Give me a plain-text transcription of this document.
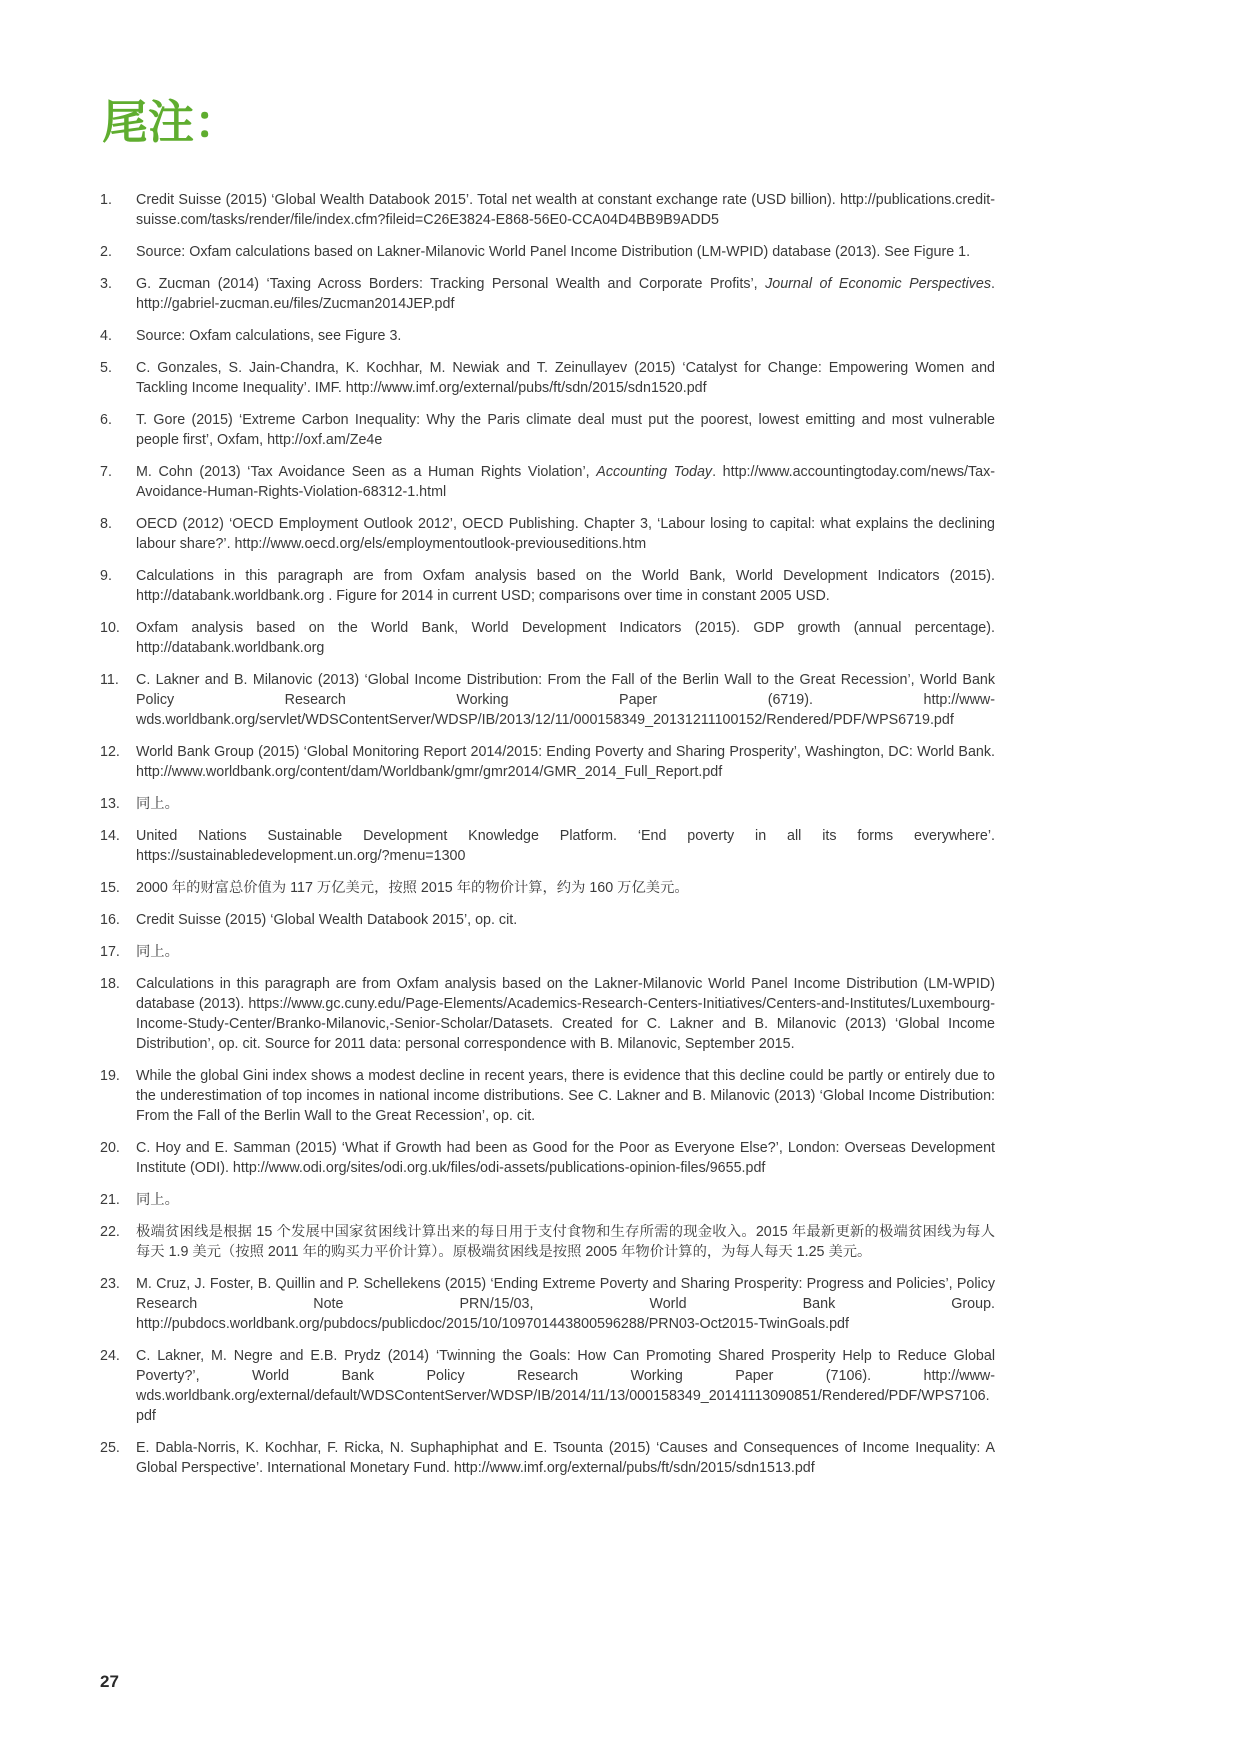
尾注：
1.	Credit Suisse (2015) ‘Global Wealth Databook 2015’. Total net wealth at constant exchange rate (USD billion). http://publications.credit-suisse.com/tasks/render/file/index.cfm?fileid=C26E3824-E868-56E0-CCA04D4BB9B9ADD5
2.	Source: Oxfam calculations based on Lakner-Milanovic World Panel Income Distribution (LM-WPID) database (2013). See Figure 1.
3.	G. Zucman (2014) ‘Taxing Across Borders: Tracking Personal Wealth and Corporate Profits’, Journal of Economic Perspectives. http://gabriel-zucman.eu/files/Zucman2014JEP.pdf
4.	Source: Oxfam calculations, see Figure 3.
5.	C. Gonzales, S. Jain-Chandra, K. Kochhar, M. Newiak and T. Zeinullayev (2015) ‘Catalyst for Change: Empowering Women and Tackling Income Inequality’. IMF. http://www.imf.org/external/pubs/ft/sdn/2015/sdn1520.pdf
6.	T. Gore (2015) ‘Extreme Carbon Inequality: Why the Paris climate deal must put the poorest, lowest emitting and most vulnerable people first’, Oxfam, http://oxf.am/Ze4e
7.	M. Cohn (2013) ‘Tax Avoidance Seen as a Human Rights Violation’, Accounting Today. http://www.accountingtoday.com/news/Tax-Avoidance-Human-Rights-Violation-68312-1.html
8.	OECD (2012) ‘OECD Employment Outlook 2012’, OECD Publishing. Chapter 3, ‘Labour losing to capital: what explains the declining labour share?’. http://www.oecd.org/els/employmentoutlook-previouseditions.htm
9.	Calculations in this paragraph are from Oxfam analysis based on the World Bank, World Development Indicators (2015). http://databank.worldbank.org . Figure for 2014 in current USD; comparisons over time in constant 2005 USD.
10.	Oxfam analysis based on the World Bank, World Development Indicators (2015). GDP growth (annual percentage). http://databank.worldbank.org
11.	C. Lakner and B. Milanovic (2013) ‘Global Income Distribution: From the Fall of the Berlin Wall to the Great Recession’, World Bank Policy Research Working Paper (6719). http://www-wds.worldbank.org/servlet/WDSContentServer/WDSP/IB/2013/12/11/000158349_20131211100152/Rendered/PDF/WPS6719.pdf
12.	World Bank Group (2015) ‘Global Monitoring Report 2014/2015: Ending Poverty and Sharing Prosperity’, Washington, DC: World Bank. http://www.worldbank.org/content/dam/Worldbank/gmr/gmr2014/GMR_2014_Full_Report.pdf
13.	同上。
14.	United Nations Sustainable Development Knowledge Platform. ‘End poverty in all its forms everywhere’. https://sustainabledevelopment.un.org/?menu=1300
15.	2000 年的财富总价值为 117 万亿美元，按照 2015 年的物价计算，约为 160 万亿美元。
16.	Credit Suisse (2015) ‘Global Wealth Databook 2015’, op. cit.
17.	同上。
18.	Calculations in this paragraph are from Oxfam analysis based on the Lakner-Milanovic World Panel Income Distribution (LM-WPID) database (2013). https://www.gc.cuny.edu/Page-Elements/Academics-Research-Centers-Initiatives/Centers-and-Institutes/Luxembourg-Income-Study-Center/Branko-Milanovic,-Senior-Scholar/Datasets. Created for C. Lakner and B. Milanovic (2013) ‘Global Income Distribution’, op. cit. Source for 2011 data: personal correspondence with B. Milanovic, September 2015.
19.	While the global Gini index shows a modest decline in recent years, there is evidence that this decline could be partly or entirely due to the underestimation of top incomes in national income distributions. See C. Lakner and B. Milanovic (2013) ‘Global Income Distribution: From the Fall of the Berlin Wall to the Great Recession’, op. cit.
20.	C. Hoy and E. Samman (2015) ‘What if Growth had been as Good for the Poor as Everyone Else?’, London: Overseas Development Institute (ODI). http://www.odi.org/sites/odi.org.uk/files/odi-assets/publications-opinion-files/9655.pdf
21.	同上。
22.	极端贫困线是根据 15 个发展中国家贫困线计算出来的每日用于支付食物和生存所需的现金收入。2015 年最新更新的极端贫困线为每人每天 1.9 美元（按照 2011 年的购买力平价计算）。原极端贫困线是按照 2005 年物价计算的，为每人每天 1.25 美元。
23.	M. Cruz, J. Foster, B. Quillin and P. Schellekens (2015) ‘Ending Extreme Poverty and Sharing Prosperity: Progress and Policies’, Policy Research Note PRN/15/03, World Bank Group. http://pubdocs.worldbank.org/pubdocs/publicdoc/2015/10/109701443800596288/PRN03-Oct2015-TwinGoals.pdf
24.	C. Lakner, M. Negre and E.B. Prydz (2014) ‘Twinning the Goals: How Can Promoting Shared Prosperity Help to Reduce Global Poverty?’, World Bank Policy Research Working Paper (7106). http://www-wds.worldbank.org/external/default/WDSContentServer/WDSP/IB/2014/11/13/000158349_20141113090851/Rendered/PDF/WPS7106.pdf
25.	E. Dabla-Norris, K. Kochhar, F. Ricka, N. Suphaphiphat and E. Tsounta (2015) ‘Causes and Consequences of Income Inequality: A Global Perspective’. International Monetary Fund. http://www.imf.org/external/pubs/ft/sdn/2015/sdn1513.pdf
27
